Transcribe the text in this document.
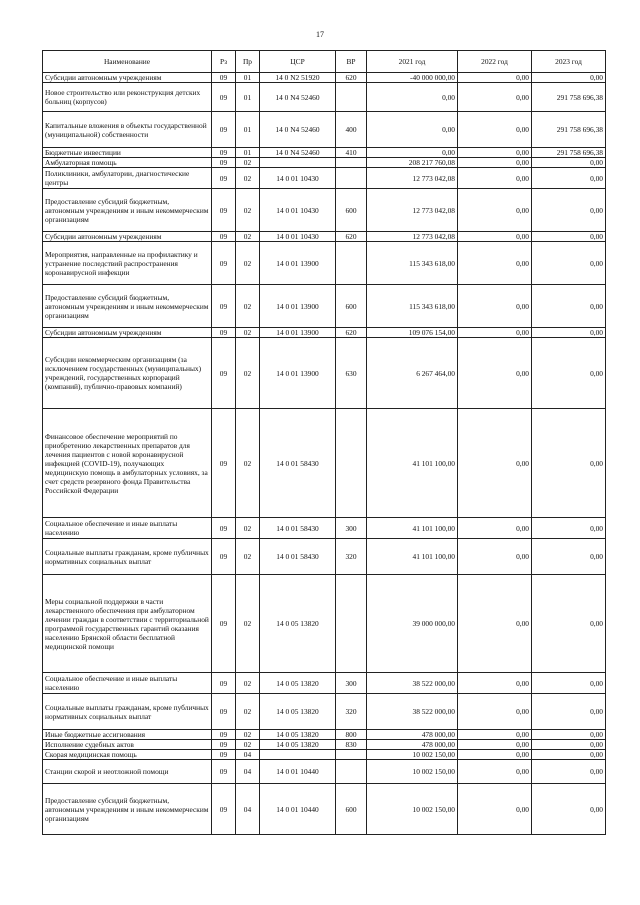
17
Наименование	Рз	Пр	ЦСР	ВР	2021 год	2022 год	2023 год
Субсидии автономным учреждениям	09	01	14 0 N2 51920	620	-40 000 000,00	0,00	0,00
Новое строительство или реконструкция детских больниц (корпусов)	09	01	14 0 N4 52460		0,00	0,00	291 758 696,38
Капитальные вложения в объекты государственной (муниципальной) собственности	09	01	14 0 N4 52460	400	0,00	0,00	291 758 696,38
Бюджетные инвестиции	09	01	14 0 N4 52460	410	0,00	0,00	291 758 696,38
Амбулаторная помощь	09	02			208 217 760,08	0,00	0,00
Поликлиники, амбулатории, диагностические центры	09	02	14 0 01 10430		12 773 042,08	0,00	0,00
Предоставление субсидий бюджетным, автономным учреждениям и иным некоммерческим организациям	09	02	14 0 01 10430	600	12 773 042,08	0,00	0,00
Субсидии автономным учреждениям	09	02	14 0 01 10430	620	12 773 042,08	0,00	0,00
Мероприятия, направленные на профилактику и устранение последствий распространения коронавирусной инфекции	09	02	14 0 01 13900		115 343 618,00	0,00	0,00
Предоставление субсидий бюджетным, автономным учреждениям и иным некоммерческим организациям	09	02	14 0 01 13900	600	115 343 618,00	0,00	0,00
Субсидии автономным учреждениям	09	02	14 0 01 13900	620	109 076 154,00	0,00	0,00
Субсидии некоммерческим организациям (за исключением государственных (муниципальных) учреждений, государственных корпораций (компаний), публично-правовых компаний)	09	02	14 0 01 13900	630	6 267 464,00	0,00	0,00
Финансовое обеспечение мероприятий по приобретению лекарственных препаратов для лечения пациентов с новой коронавирусной инфекцией (COVID-19), получающих медицинскую помощь в амбулаторных условиях, за счет средств резервного фонда Правительства Российской Федерации	09	02	14 0 01 58430		41 101 100,00	0,00	0,00
Социальное обеспечение и иные выплаты населению	09	02	14 0 01 58430	300	41 101 100,00	0,00	0,00
Социальные выплаты гражданам, кроме публичных нормативных социальных выплат	09	02	14 0 01 58430	320	41 101 100,00	0,00	0,00
Меры социальной поддержки в части лекарственного обеспечения при амбулаторном лечении граждан в соответствии с территориальной программой государственных гарантий оказания населению Брянской области бесплатной медицинской помощи	09	02	14 0 05 13820		39 000 000,00	0,00	0,00
Социальное обеспечение и иные выплаты населению	09	02	14 0 05 13820	300	38 522 000,00	0,00	0,00
Социальные выплаты гражданам, кроме публичных нормативных социальных выплат	09	02	14 0 05 13820	320	38 522 000,00	0,00	0,00
Иные бюджетные ассигнования	09	02	14 0 05 13820	800	478 000,00	0,00	0,00
Исполнение судебных актов	09	02	14 0 05 13820	830	478 000,00	0,00	0,00
Скорая медицинская помощь	09	04			10 002 150,00	0,00	0,00
Станции скорой и неотложной помощи	09	04	14 0 01 10440		10 002 150,00	0,00	0,00
Предоставление субсидий бюджетным, автономным учреждениям и иным некоммерческим организациям	09	04	14 0 01 10440	600	10 002 150,00	0,00	0,00
